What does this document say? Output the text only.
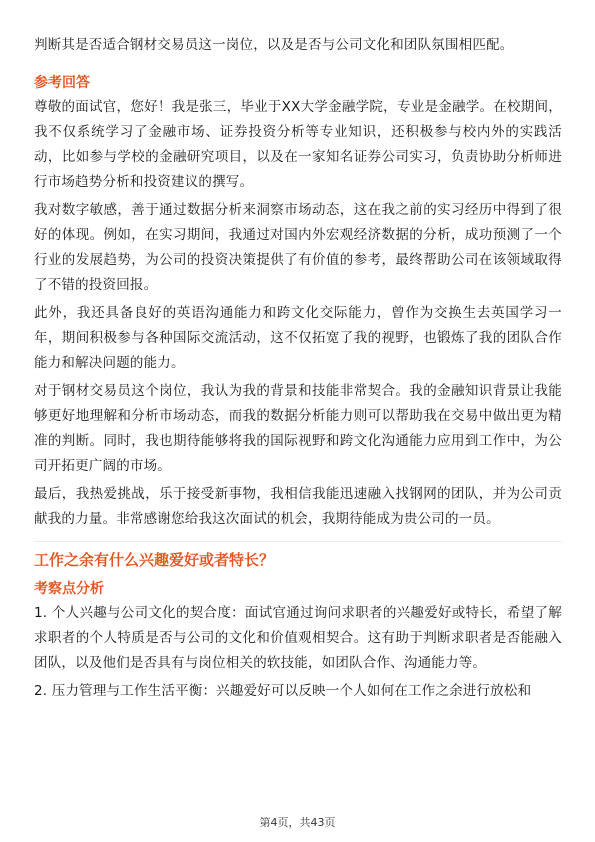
判断其是否适合钢材交易员这一岗位，以及是否与公司文化和团队氛围相匹配。

参考回答

尊敬的面试官，您好！我是张三，毕业于XX大学金融学院，专业是金融学。在校期间，我不仅系统学习了金融市场、证券投资分析等专业知识，还积极参与校内外的实践活动，比如参与学校的金融研究项目，以及在一家知名证券公司实习，负责协助分析师进行市场趋势分析和投资建议的撰写。

我对数字敏感，善于通过数据分析来洞察市场动态，这在我之前的实习经历中得到了很好的体现。例如，在实习期间，我通过对国内外宏观经济数据的分析，成功预测了一个行业的发展趋势，为公司的投资决策提供了有价值的参考，最终帮助公司在该领域取得了不错的投资回报。

此外，我还具备良好的英语沟通能力和跨文化交际能力，曾作为交换生去英国学习一年，期间积极参与各种国际交流活动，这不仅拓宽了我的视野，也锻炼了我的团队合作能力和解决问题的能力。

对于钢材交易员这个岗位，我认为我的背景和技能非常契合。我的金融知识背景让我能够更好地理解和分析市场动态，而我的数据分析能力则可以帮助我在交易中做出更为精准的判断。同时，我也期待能够将我的国际视野和跨文化沟通能力应用到工作中，为公司开拓更广阔的市场。

最后，我热爱挑战，乐于接受新事物，我相信我能迅速融入找钢网的团队，并为公司贡献我的力量。非常感谢您给我这次面试的机会，我期待能成为贵公司的一员。

工作之余有什么兴趣爱好或者特长？

考察点分析

1. 个人兴趣与公司文化的契合度：面试官通过询问求职者的兴趣爱好或特长，希望了解求职者的个人特质是否与公司的文化和价值观相契合。这有助于判断求职者是否能融入团队，以及他们是否具有与岗位相关的软技能，如团队合作、沟通能力等。

2. 压力管理与工作生活平衡：兴趣爱好可以反映一个人如何在工作之余进行放松和

第4页，共43页
